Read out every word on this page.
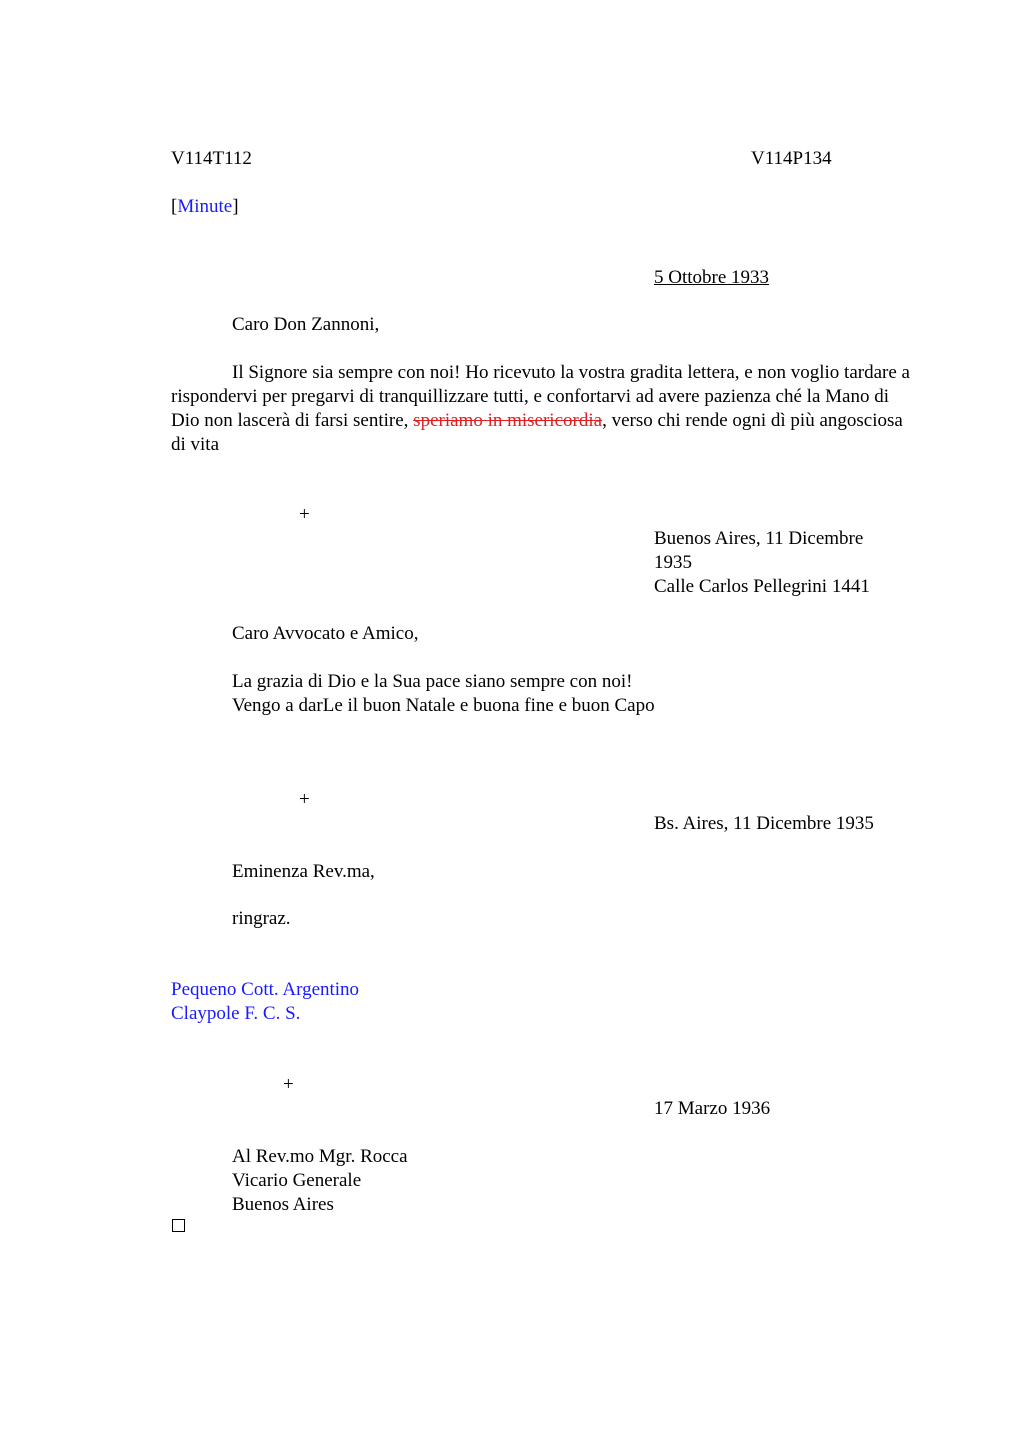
V114T112	V114P134
[Minute]
5 Ottobre 1933
Caro Don Zannoni,
Il Signore sia sempre con noi! Ho ricevuto la vostra gradita lettera, e non voglio tardare a rispondervi per pregarvi di tranquillizzare tutti, e confortarvi ad avere pazienza ché la Mano di Dio non lascerà di farsi sentire, speriamo in misericordia, verso chi rende ogni dì più angosciosa di vita
+
Buenos Aires, 11 Dicembre
1935
Calle Carlos Pellegrini 1441
Caro Avvocato e Amico,
La grazia di Dio e la Sua pace siano sempre con noi!
Vengo a darLe il buon Natale e buona fine e buon Capo
+
Bs. Aires, 11 Dicembre 1935
Eminenza Rev.ma,
ringraz.
Pequeno Cott. Argentino
Claypole F. C. S.
+
17 Marzo 1936
Al Rev.mo Mgr. Rocca
Vicario Generale
Buenos Aires
